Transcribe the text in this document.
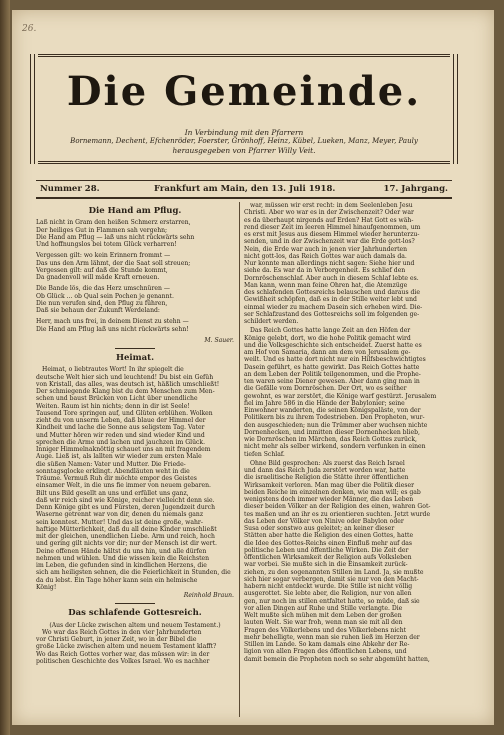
26.
Die Gemeinde.
In Verbindung mit den Pfarrern
Bornemann, Dechent, Efchenröder, Foerster, Grönhoff, Heinz, Kübel, Lueken, Manz, Meyer, Pauly
herausgegeben von Pfarrer Willy Veit.
Nummer 28.	Frankfurt am Main, den 13. Juli 1918.	17. Jahrgang.
Die Hand am Pflug.
Laß nicht in Gram den heißen Schmerz erstarren,
Der heiliges Gut in Flammen sah vergehn;
Die Hand am Pflug — laß uns nicht rückwärts sehn
Und hoffnungslos bei totem Glück verharren!
Vergessen gilt: wo kein Erinnern frommt —
Das uns den Arm lähmt, der die Saat soll streuen;
Vergessen gilt: auf daß die Stunde kommt,
Da gnadenvoll will mäde Kraft erneuen.
Die Bande lös, die das Herz umschnüren —
Ob Glück ... ob Qual sein Pochen je genannt.
Die nun verufen sind, den Pflug zu führen,
Daß sie behaun der Zukunft Werdeland:
Herr, mach uns frei, in deinem Dienst zu stehn —
Die Hand am Pflug laß uns nicht rückwärts sehn!
M. Sauer.
Heimat.
Heimat, o liebtrautes Wort! In ihr spiegelt die
deutsche Welt hier sich und leuchtend! Du bist ein Gefüh
von Kristall, das alles, was deutsch ist, häßlich umschließt!
Der schmiegende Klang bist du dem Menschen zum Men-
schen und baust Brücken von Licht über unendliche
Weiten. Raum ist hin nichts; denn in dir ist Seele!
Tausend Tore springen auf, und Glüten erblühen. Wolken
zieht du von unserm Leben, daß blaue der Himmel der
Kindheit und lache die Sonne aus seligstem Tag. Vater
und Mutter hören wir reden und sind wieder Kind und
sprechen die Arme und lachen und jauchzen im Glück.
Inniger Himmelnaknöttig schauet uns an mit fragendem
Auge. Ließ ist, als lallten wir wieder zum ersten Male
die süßen Namen: Vater und Mutter. Die Friede-
sonntagsglocke erklingt. Abendläuten weht in die
Träume. Vermuß Ruh dir möchte empor des Geistes
einsamer Welt, in die uns fie immer von neuem gebaren.
Bilt uns Bild gesellt an uns und erfüllet uns ganz,
daß wir reich sind wie Könige, reicher vielleicht denn sie.
Denn Könige gibt es und Fürsten, deren Jugendzeit durch
Waserne getrennt war von dir, denen du niemals ganz
sein konntest. Mutter! Und das ist deine große, wahr-
haftige Mütterlichkeit, daß du all deine Kinder umschließt
mit der gleichen, unendlichen Liebe. Arm und reich, hoch
und gering gilt nichts vor dir; nur der Mensch ist dir wert.
Deine offenen Hände hältst du uns hin, und alle dürfen
nehmen und wühlen. Und die wissen kein die Reichsten
im Leben, die gefunden sind in kindlichen Herzens, die
sich am heiligsten sehnen, die die Feierlichkeit in Stunden, die
da du lebst. Ein Tage höher kann sein ein helmische
König!
Reinhold Braun.
Das schlafende Gottesreich.
(Aus der Lücke zwischen altem und neuem Testament.)
Wo war das Reich Gottes in den vier Jahrhunderten
vor Christi Geburt, in jener Zeit, wo in der Bibel die
große Lücke zwischen altem und neuem Testament klafft?
Wo das Reich Gottes vorher war, das müssen wir: in der
politischen Geschichte des Volkes Israel. Wo es nachher
war, müssen wir erst recht: in dem Seelenleben Jesu
Christi. Aber wo war es in der Zwischenzeit? Oder war
es da überhaupt nirgends auf Erden? Hat Gott es wäh-
rend dieser Zeit im leeren Himmel hinaufgenommen, um
es erst mit Jesus aus diesem Himmel wieder herunterzu-
senden, und in der Zwischenzeit war die Erde gott-los?
Nein, die Erde war auch in jenen vier Jahrhunderten
nicht gott-los, das Reich Gottes war auch damals da.
Nur konnte man allerdings nicht sagen: Siehe hier und
siehe da. Es war da in Verborgenheit. Es schlief den
Dornröschenschlaf. Aber auch in diesem Schlaf lebte es.
Man kann, wenn man feine Ohren hat, die Atemzüge
des schlafenden Gottesreichs belauschen und daraus die
Gewißheit schöpfen, daß es in der Stille weiter lebt und
einmal wieder zu machem Dasein sich erheben wird. Die-
ser Schlafzustand des Gottesreichs soll im folgenden ge-
schildert werden.
Das Reich Gottes hatte lange Zeit an den Höfen der
Könige gelebt, dort, wo die hohe Politik gemacht wird
und die Volksgeschichte sich entscheidet. Zuerst hatte es
am Hof von Samaria, dann am dem von Jerusalem ge-
weilt. Und es hatte dort nicht nur ein Hilfsbeschwichtigtes
Dasein geführt, es hatte gewirkt. Das Reich Gottes hatte
an dem Leben der Politik teilgenommen, und die Prophe-
ten waren seine Diener gewesen. Aber dann ging man in
die Gefälle vom Dornröschen. Der Ort, wo es seither
gewohnt, es war zerstört, die Könige warf gestürzt. Jerusalem
fiel im Jahre 586 in die Hände der Babylonier; seine
Einwohner wanderten, die seinen Königspaläste, von der
Politikern bis zu ihrem Todestrieben. Den Propheten, wur-
den ausgeschieden; nun die Trümmer aber wuchsen nichte
Dornenhecken, und inmitten dieser Dornenhecken blieb,
wie Dornröschen im Märchen, das Reich Gottes zurück,
nicht mehr als selber wirkend, sondern verfunken in einen
tiefen Schlaf.
Ohne Bild gesprochen: Als zuerst das Reich Israel
und dann das Reich Juda zerstört worden war, hatte
die israelitische Religion die Stätte ihrer öffentlichen
Wirksamkeit verloren. Man mag über die Politik dieser
beiden Reiche im einzelnen denken, wie man will; es gab
wenigstens doch immer wieder Männer, die das Leben
dieser beiden Völker an der Religion des einen, wahren Got-
tes maßen und an ihr es zu orientieren suchten. Jetzt wurde
das Leben der Völker von Ninive oder Babylon oder
Susa oder sonstwo aus geleitet; an keiner dieser
Stätten aber hatte die Religion des einen Gottes, hatte
die Idee des Gottes-Reichs einen Einfluß mehr auf das
politische Leben und öffentliche Wirken. Die Zeit der
öffentlichen Wirksamkeit der Religion aufs Volksleben
war vorbei. Sie mußte sich in die Einsamkeit zurück-
ziehen, zu den sogenannten Stillen im Land. Ja, sie mußte
sich hier sogar verbergen, damit sie nur von den Macht-
habern nicht entdeckt wurde. Die Stille ist nicht völlig
ausgerottet. Sie lebte aber, die Religion, nur von allen
gen, nur noch im stillen entfaltet hatte, so müde, daß sie
vor allen Dingen auf Ruhe und Stille verlangte. Die
Welt mußte sich mühen mit dem Leben der großen
lauten Welt. Sie war froh, wenn man sie mit all den
Fragen des Völkerlebens und des Völkerlebens nicht
mehr behelligte, wenn man sie ruhen ließ im Herzen der
Stillen im Lande. So kam damals eine Abkehr der Re-
ligion von allen Fragen des öffentlichen Lebens, und
damit bemein die Propheten noch so sehr abgemüht hatten,
